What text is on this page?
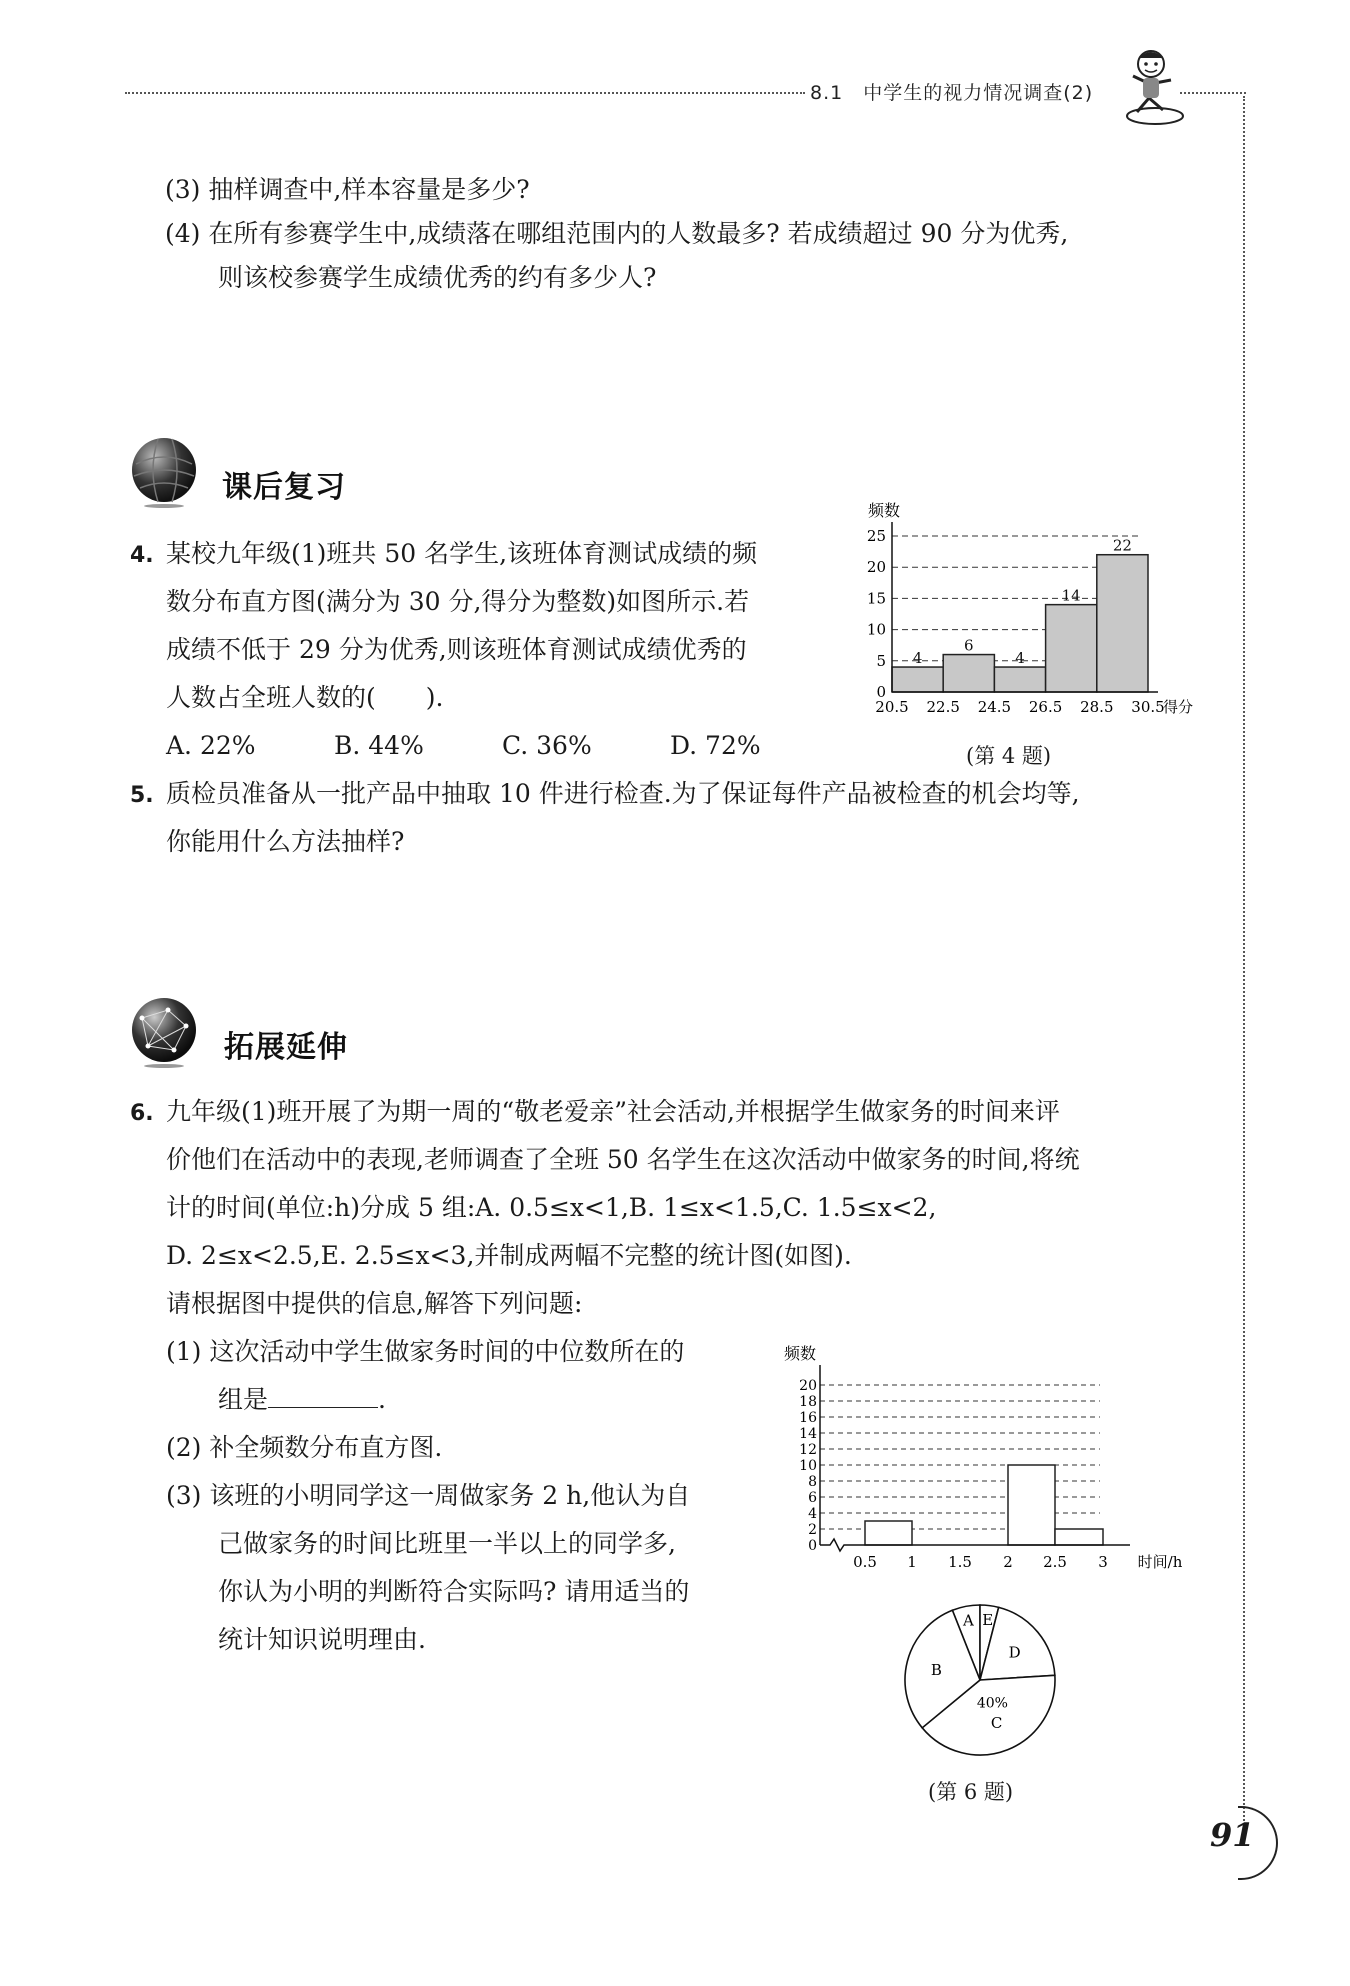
8.1　中学生的视力情况调查(2)
(3) 抽样调查中,样本容量是多少?
(4) 在所有参赛学生中,成绩落在哪组范围内的人数最多? 若成绩超过 90 分为优秀,
则该校参赛学生成绩优秀的约有多少人?
课后复习
4. 某校九年级(1)班共 50 名学生,该班体育测试成绩的频
数分布直方图(满分为 30 分,得分为整数)如图所示.若
成绩不低于 29 分为优秀,则该班体育测试成绩优秀的
人数占全班人数的(　　).
A. 22%	B. 44%	C. 36%	D. 72%
4
6
4
14
22
0
5
10
15
20
25
20.5 22.5 24.5 26.5 28.5 30.5
频数
得分
(第 4 题)
5. 质检员准备从一批产品中抽取 10 件进行检查.为了保证每件产品被检查的机会均等,
你能用什么方法抽样?
拓展延伸
6. 九年级(1)班开展了为期一周的“敬老爱亲”社会活动,并根据学生做家务的时间来评
价他们在活动中的表现,老师调查了全班 50 名学生在这次活动中做家务的时间,将统
计的时间(单位:h)分成 5 组:A. 0.5≤x<1,B. 1≤x<1.5,C. 1.5≤x<2,
D. 2≤x<2.5,E. 2.5≤x<3,并制成两幅不完整的统计图(如图).
请根据图中提供的信息,解答下列问题:
(1) 这次活动中学生做家务时间的中位数所在的
组是	.
(2) 补全频数分布直方图.
(3) 该班的小明同学这一周做家务 2 h,他认为自
己做家务的时间比班里一半以上的同学多,
你认为小明的判断符合实际吗? 请用适当的
统计知识说明理由.
0
2
4
6
8
10
12
14
16
18
20
0.5 1 1.5 2 2.5 3
频数
时间/h
A E
D
C
B
40%
(第 6 题)
91
